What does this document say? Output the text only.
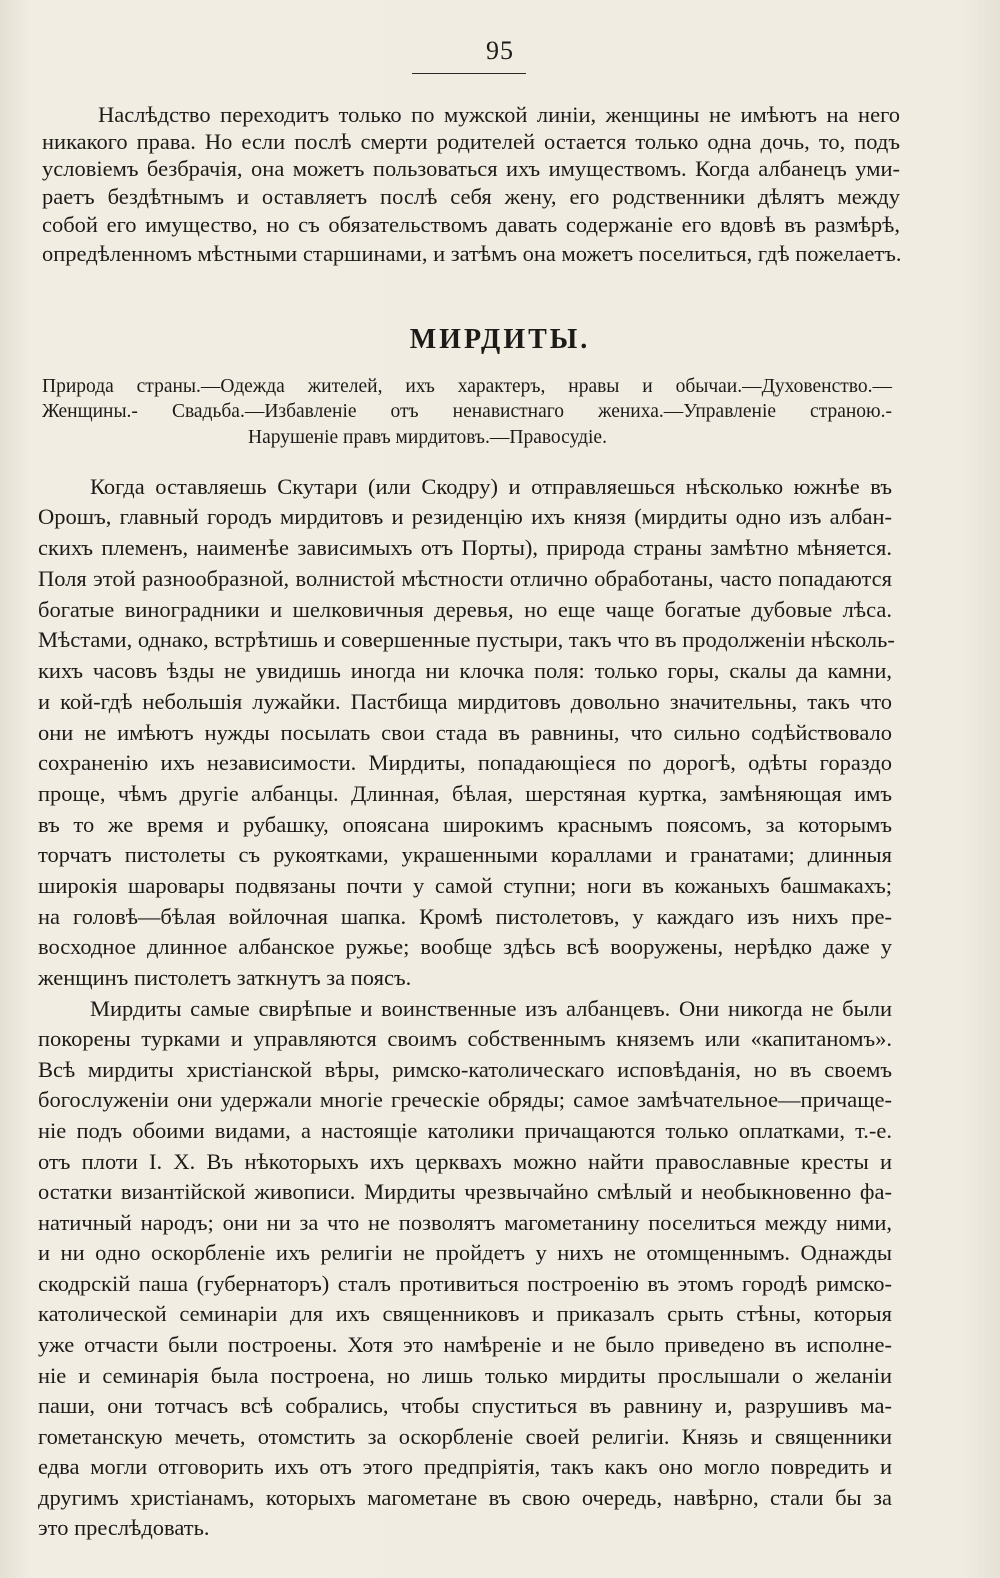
95
Наслѣдство переходитъ только по мужской линіи, женщины не имѣютъ на него
никакого права. Но если послѣ смерти родителей остается только одна дочь, то, подъ
условіемъ безбрачія, она можетъ пользоваться ихъ имуществомъ. Когда албанецъ уми-
раетъ бездѣтнымъ и оставляетъ послѣ себя жену, его родственники дѣлятъ между
собой его имущество, но съ обязательствомъ давать содержаніе его вдовѣ въ размѣрѣ,
опредѣленномъ мѣстными старшинами, и затѣмъ она можетъ поселиться, гдѣ пожелаетъ.
МИРДИТЫ.
Природа страны.—Одежда жителей, ихъ характеръ, нравы и обычаи.—Духовенство.—
Женщины.- Свадьба.—Избавленіе отъ ненавистнаго жениха.—Управленіе страною.-
Нарушеніе правъ мирдитовъ.—Правосудіе.
Когда оставляешь Скутари (или Скодру) и отправляешься нѣсколько южнѣе въ
Орошъ, главный городъ мирдитовъ и резиденцію ихъ князя (мирдиты одно изъ албан-
скихъ племенъ, наименѣе зависимыхъ отъ Порты), природа страны замѣтно мѣняется.
Поля этой разнообразной, волнистой мѣстности отлично обработаны, часто попадаются
богатые виноградники и шелковичныя деревья, но еще чаще богатые дубовые лѣса.
Мѣстами, однако, встрѣтишь и совершенные пустыри, такъ что въ продолженіи нѣсколь-
кихъ часовъ ѣзды не увидишь иногда ни клочка поля: только горы, скалы да камни,
и кой-гдѣ небольшія лужайки. Пастбища мирдитовъ довольно значительны, такъ что
они не имѣютъ нужды посылать свои стада въ равнины, что сильно содѣйствовало
сохраненію ихъ независимости. Мирдиты, попадающіеся по дорогѣ, одѣты гораздо
проще, чѣмъ другіе албанцы. Длинная, бѣлая, шерстяная куртка, замѣняющая имъ
въ то же время и рубашку, опоясана широкимъ краснымъ поясомъ, за которымъ
торчатъ пистолеты съ рукоятками, украшенными кораллами и гранатами; длинныя
широкія шаровары подвязаны почти у самой ступни; ноги въ кожаныхъ башмакахъ;
на головѣ—бѣлая войлочная шапка. Кромѣ пистолетовъ, у каждаго изъ нихъ пре-
восходное длинное албанское ружье; вообще здѣсь всѣ вооружены, нерѣдко даже у
женщинъ пистолетъ заткнутъ за поясъ.
Мирдиты самые свирѣпые и воинственные изъ албанцевъ. Они никогда не были
покорены турками и управляются своимъ собственнымъ княземъ или «капитаномъ».
Всѣ мирдиты христіанской вѣры, римско-католическаго исповѣданія, но въ своемъ
богослуженіи они удержали многіе греческіе обряды; самое замѣчательное—причаще-
ніе подъ обоими видами, а настоящіе католики причащаются только оплатками, т.-е.
отъ плоти І. Х. Въ нѣкоторыхъ ихъ церквахъ можно найти православные кресты и
остатки византійской живописи. Мирдиты чрезвычайно смѣлый и необыкновенно фа-
натичный народъ; они ни за что не позволятъ магометанину поселиться между ними,
и ни одно оскорбленіе ихъ религіи не пройдетъ у нихъ не отомщеннымъ. Однажды
скодрскій паша (губернаторъ) сталъ противиться построенію въ этомъ городѣ римско-
католической семинаріи для ихъ священниковъ и приказалъ срыть стѣны, которыя
уже отчасти были построены. Хотя это намѣреніе и не было приведено въ исполне-
ніе и семинарія была построена, но лишь только мирдиты прослышали о желаніи
паши, они тотчасъ всѣ собрались, чтобы спуститься въ равнину и, разрушивъ ма-
гометанскую мечеть, отомстить за оскорбленіе своей религіи. Князь и священники
едва могли отговорить ихъ отъ этого предпріятія, такъ какъ оно могло повредить и
другимъ христіанамъ, которыхъ магометане въ свою очередь, навѣрно, стали бы за
это преслѣдовать.
